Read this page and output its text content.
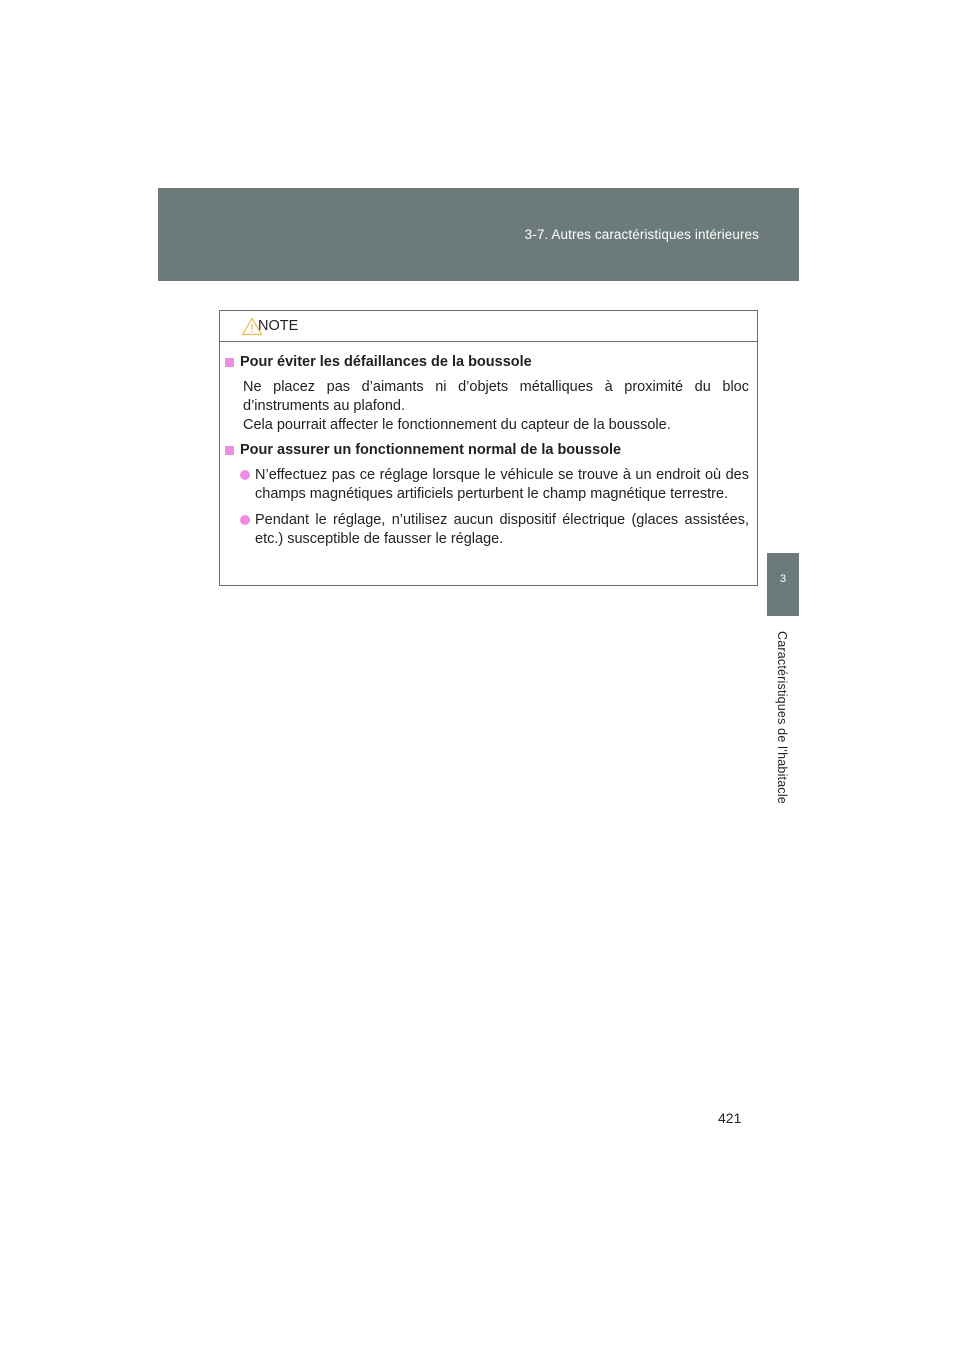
3-7. Autres caractéristiques intérieures
3
Caractéristiques de l’habitacle
NOTE
Pour éviter les défaillances de la boussole
Ne placez pas d’aimants ni d’objets métalliques à proximité du bloc d’instruments au plafond.
Cela pourrait affecter le fonctionnement du capteur de la boussole.
Pour assurer un fonctionnement normal de la boussole
N’effectuez pas ce réglage lorsque le véhicule se trouve à un endroit où des champs magnétiques artificiels perturbent le champ magnétique terrestre.
Pendant le réglage, n’utilisez aucun dispositif électrique (glaces assistées, etc.) susceptible de fausser le réglage.
421
